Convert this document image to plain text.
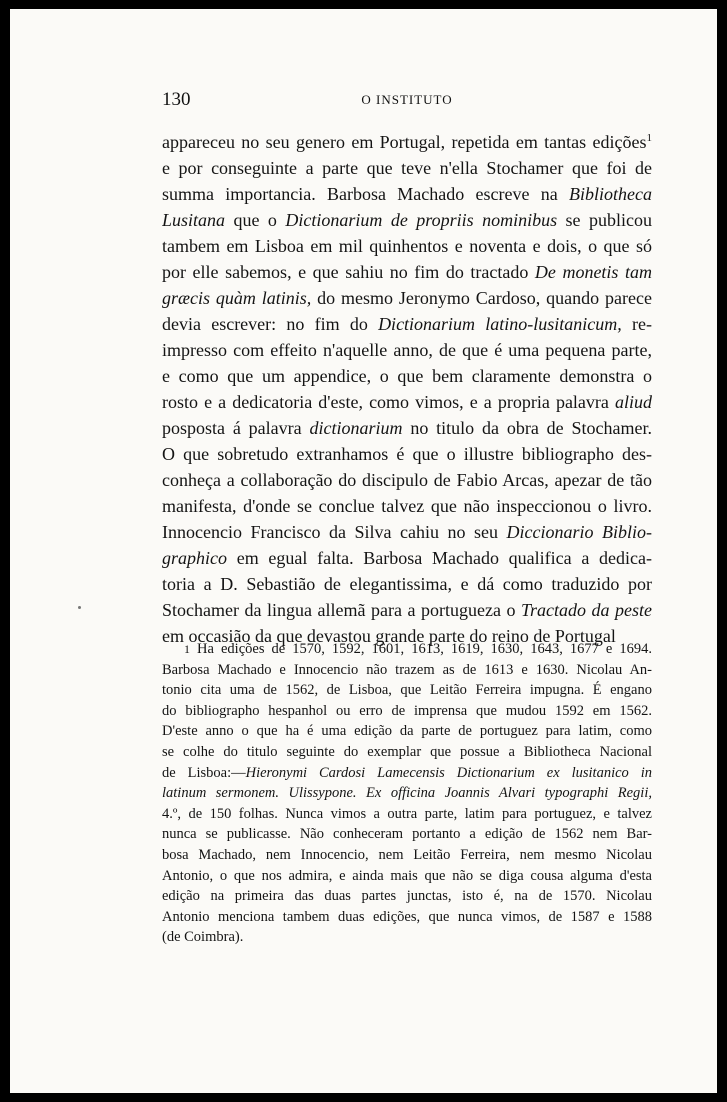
130	O INSTITUTO
appareceu no seu genero em Portugal, repetida em tantas edições$^1$
e por conseguinte a parte que teve n'ella Stochamer que foi de
summa importancia. Barbosa Machado escreve na Bibliotheca
Lusitana que o Dictionarium de propriis nominibus se publicou
tambem em Lisboa em mil quinhentos e noventa e dois, o que só
por elle sabemos, e que sahiu no fim do tractado De monetis tam
græcis quàm latinis, do mesmo Jeronymo Cardoso, quando parece
devia escrever: no fim do Dictionarium latino-lusitanicum, re-
impresso com effeito n'aquelle anno, de que é uma pequena parte,
e como que um appendice, o que bem claramente demonstra o
rosto e a dedicatoria d'este, como vimos, e a propria palavra aliud
posposta á palavra dictionarium no titulo da obra de Stochamer.
O que sobretudo extranhamos é que o illustre bibliographo des-
conheça a collaboração do discipulo de Fabio Arcas, apezar de tão
manifesta, d'onde se conclue talvez que não inspeccionou o livro.
Innocencio Francisco da Silva cahiu no seu Diccionario Biblio-
graphico em egual falta. Barbosa Machado qualifica a dedica-
toria a D. Sebastião de elegantissima, e dá como traduzido por
Stochamer da lingua allemã para a portugueza o Tractado da peste
em occasião da que devastou grande parte do reino de Portugal
1 Ha edições de 1570, 1592, 1601, 1613, 1619, 1630, 1643, 1677 e 1694.
Barbosa Machado e Innocencio não trazem as de 1613 e 1630. Nicolau An-
tonio cita uma de 1562, de Lisboa, que Leitão Ferreira impugna. É engano
do bibliographo hespanhol ou erro de imprensa que mudou 1592 em 1562.
D'este anno o que ha é uma edição da parte de portuguez para latim, como
se colhe do titulo seguinte do exemplar que possue a Bibliotheca Nacional
de Lisboa:—Hieronymi Cardosi Lamecensis Dictionarium ex lusitanico in
latinum sermonem. Ulissypone. Ex officina Joannis Alvari typographi Regii,
4.º, de 150 folhas. Nunca vimos a outra parte, latim para portuguez, e talvez
nunca se publicasse. Não conheceram portanto a edição de 1562 nem Bar-
bosa Machado, nem Innocencio, nem Leitão Ferreira, nem mesmo Nicolau
Antonio, o que nos admira, e ainda mais que não se diga cousa alguma d'esta
edição na primeira das duas partes junctas, isto é, na de 1570. Nicolau
Antonio menciona tambem duas edições, que nunca vimos, de 1587 e 1588
(de Coimbra).
